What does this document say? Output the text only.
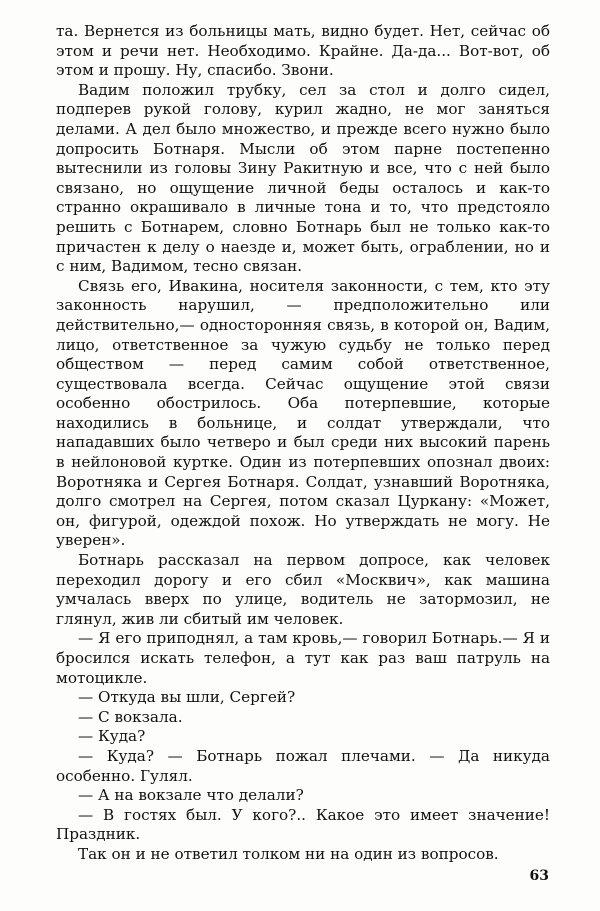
та. Вернется из больницы мать, видно будет. Нет, сейчас об этом и речи нет. Необходимо. Крайне. Да-да... Вот-вот, об этом и прошу. Ну, спасибо. Звони.

Вадим положил трубку, сел за стол и долго сидел, подперев рукой голову, курил жадно, не мог заняться делами. А дел было множество, и прежде всего нужно было допросить Ботнаря. Мысли об этом парне постепенно вытеснили из головы Зину Ракитную и все, что с ней было связано, но ощущение личной беды осталось и как-то странно окрашивало в личные тона и то, что предстояло решить с Ботнарем, словно Ботнарь был не только как-то причастен к делу о наезде и, может быть, ограблении, но и с ним, Вадимом, тесно связан.

Связь его, Ивакина, носителя законности, с тем, кто эту законность нарушил, — предположительно или действительно,— односторонняя связь, в которой он, Вадим, лицо, ответственное за чужую судьбу не только перед обществом — перед самим собой ответственное, существовала всегда. Сейчас ощущение этой связи особенно обострилось. Оба потерпевшие, которые находились в больнице, и солдат утверждали, что нападавших было четверо и был среди них высокий парень в нейлоновой куртке. Один из потерпевших опознал двоих: Воротняка и Сергея Ботнаря. Солдат, узнавший Воротняка, долго смотрел на Сергея, потом сказал Цуркану: «Может, он, фигурой, одеждой похож. Но утверждать не могу. Не уверен».

Ботнарь рассказал на первом допросе, как человек переходил дорогу и его сбил «Москвич», как машина умчалась вверх по улице, водитель не затормозил, не глянул, жив ли сбитый им человек.

— Я его приподнял, а там кровь,— говорил Ботнарь.— Я и бросился искать телефон, а тут как раз ваш патруль на мотоцикле.

— Откуда вы шли, Сергей?

— С вокзала.

— Куда?

— Куда? — Ботнарь пожал плечами. — Да никуда особенно. Гулял.

— А на вокзале что делали?

— В гостях был. У кого?.. Какое это имеет значение! Праздник.

Так он и не ответил толком ни на один из вопросов.

63
